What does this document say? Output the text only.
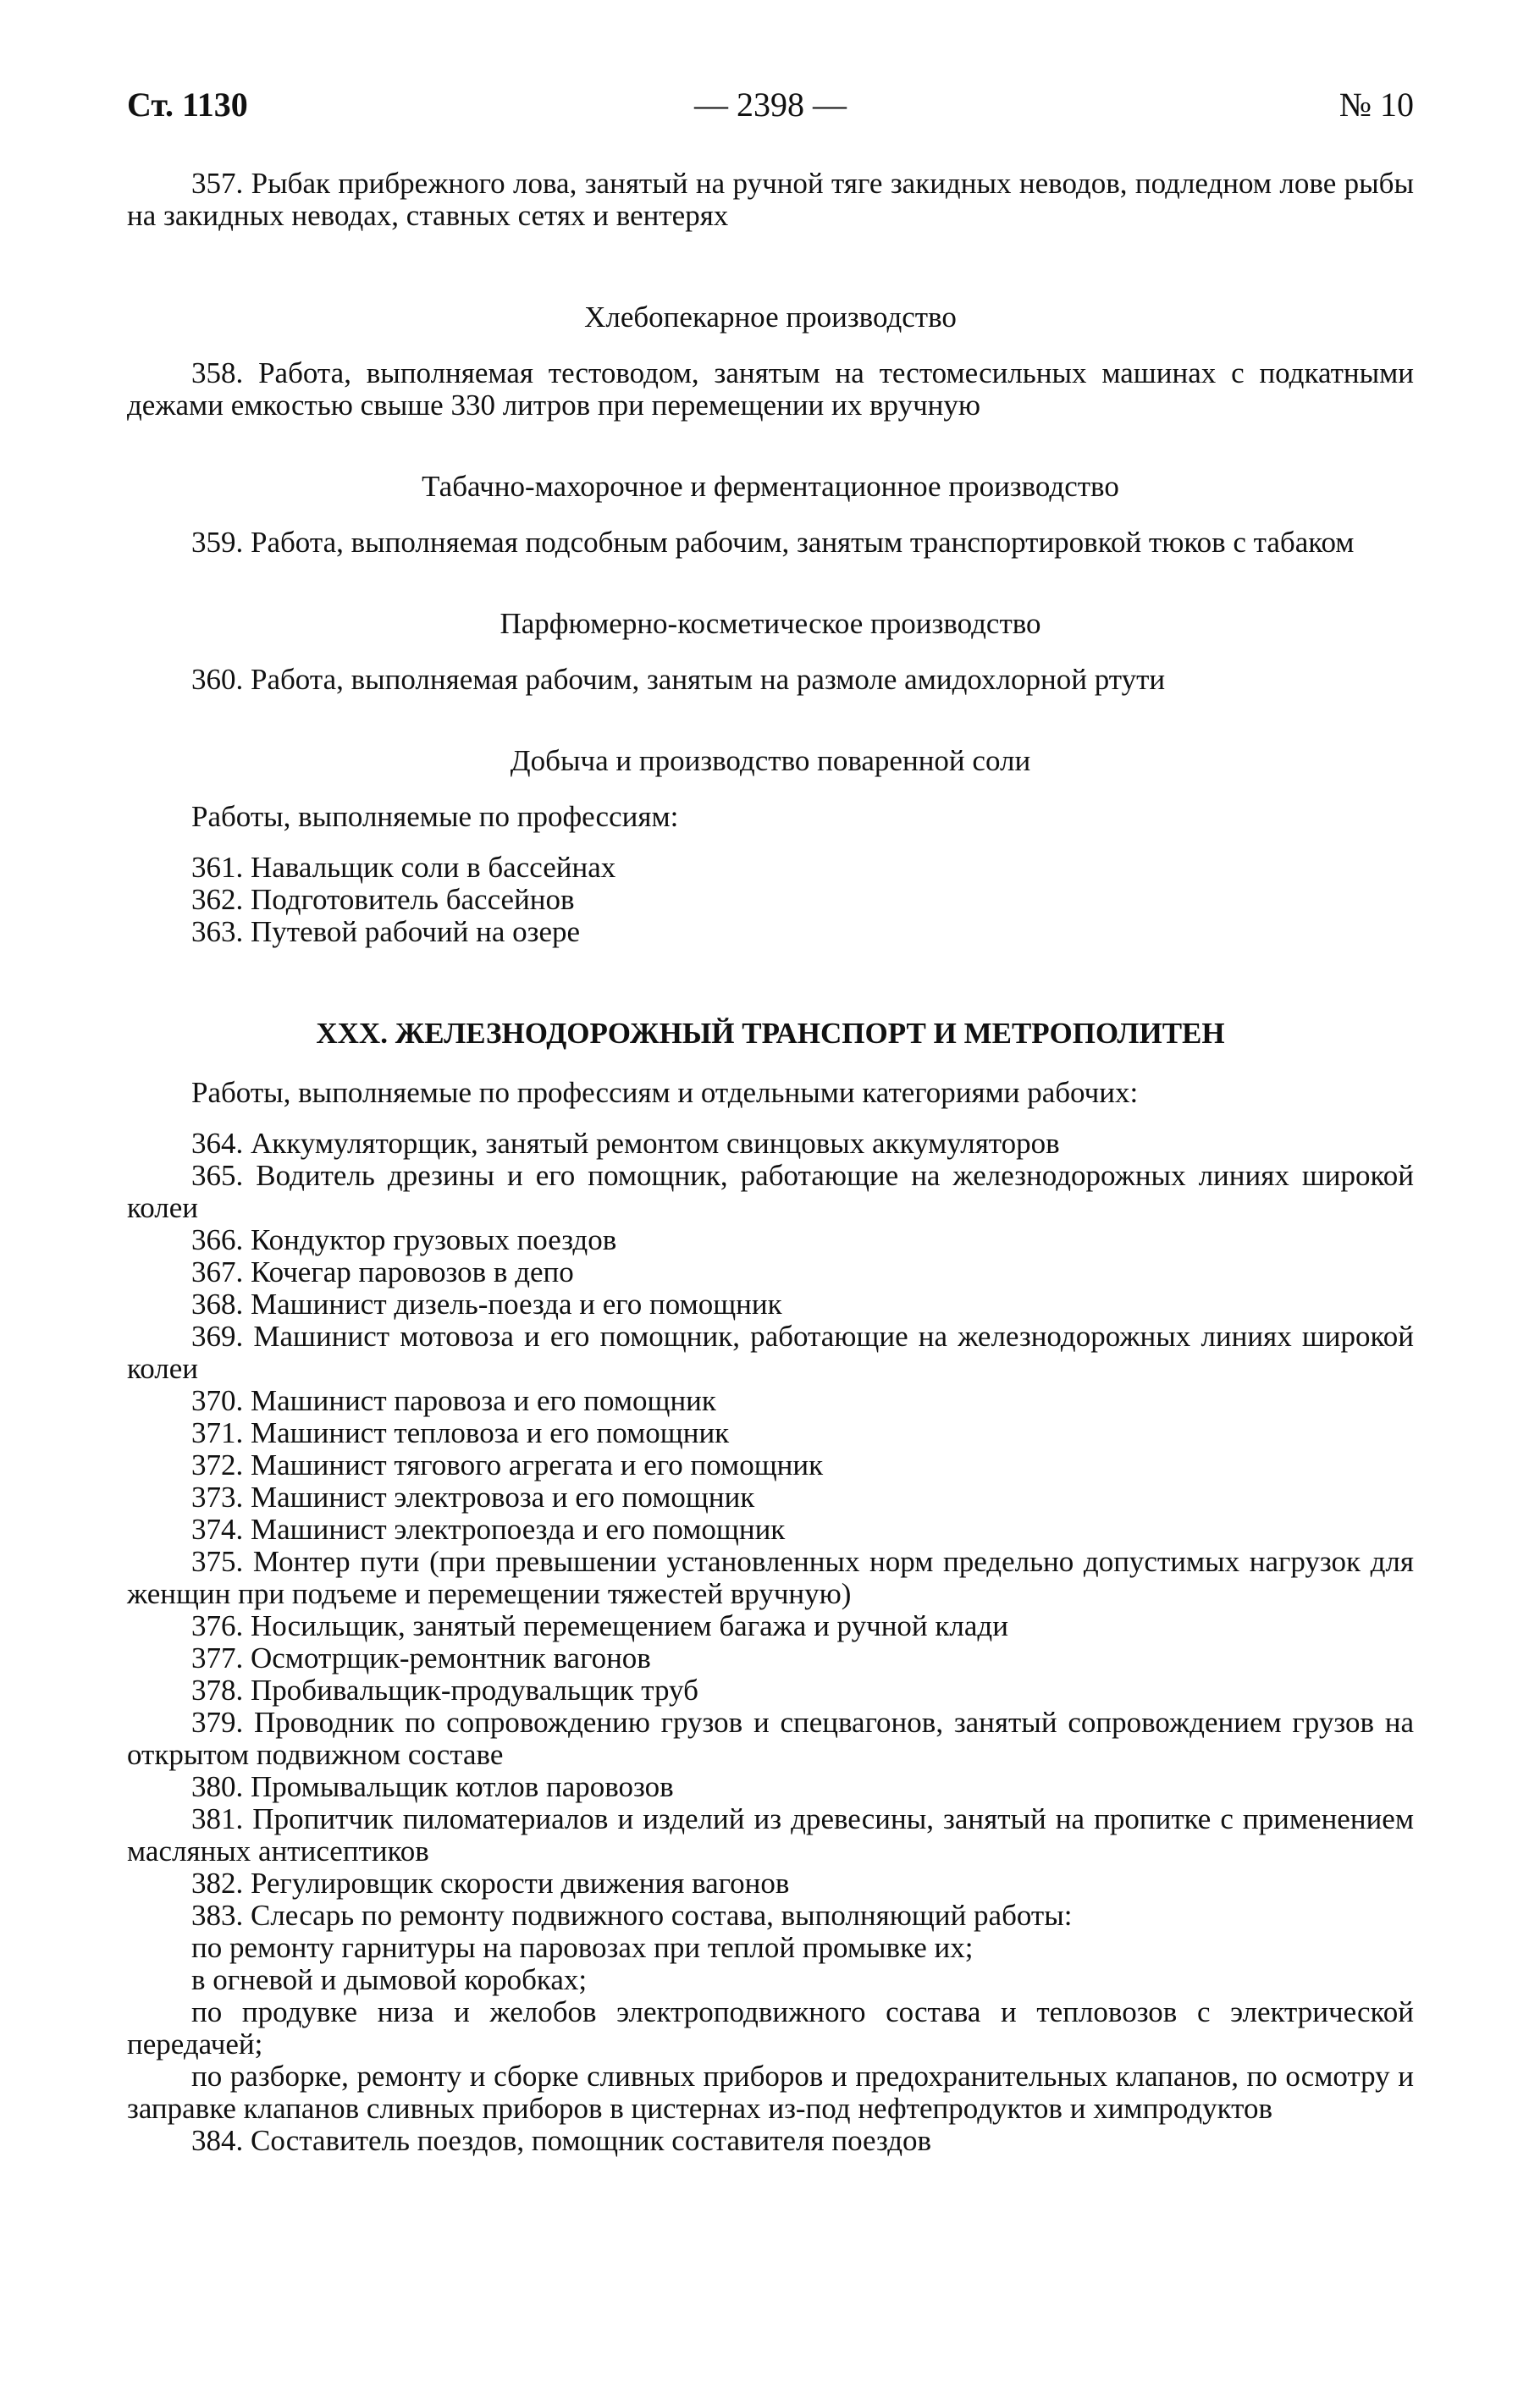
Ст. 1130	— 2398 —	№ 10

357. Рыбак прибрежного лова, занятый на ручной тяге закидных неводов, подледном лове рыбы на закидных неводах, ставных сетях и вентерях

Хлебопекарное производство

358. Работа, выполняемая тестоводом, занятым на тестомесильных машинах с подкатными дежами емкостью свыше 330 литров при перемещении их вручную

Табачно-махорочное и ферментационное производство

359. Работа, выполняемая подсобным рабочим, занятым транспортировкой тюков с табаком

Парфюмерно-косметическое производство

360. Работа, выполняемая рабочим, занятым на размоле амидохлорной ртути

Добыча и производство поваренной соли

Работы, выполняемые по профессиям:

361. Навальщик соли в бассейнах

362. Подготовитель бассейнов

363. Путевой рабочий на озере

XXX. ЖЕЛЕЗНОДОРОЖНЫЙ ТРАНСПОРТ И МЕТРОПОЛИТЕН

Работы, выполняемые по профессиям и отдельными категориями рабочих:

364. Аккумуляторщик, занятый ремонтом свинцовых аккумуляторов

365. Водитель дрезины и его помощник, работающие на железнодорожных линиях широкой колеи

366. Кондуктор грузовых поездов

367. Кочегар паровозов в депо

368. Машинист дизель-поезда и его помощник

369. Машинист мотовоза и его помощник, работающие на железнодорожных линиях широкой колеи

370. Машинист паровоза и его помощник

371. Машинист тепловоза и его помощник

372. Машинист тягового агрегата и его помощник

373. Машинист электровоза и его помощник

374. Машинист электропоезда и его помощник

375. Монтер пути (при превышении установленных норм предельно допустимых нагрузок для женщин при подъеме и перемещении тяжестей вручную)

376. Носильщик, занятый перемещением багажа и ручной клади

377. Осмотрщик-ремонтник вагонов

378. Пробивальщик-продувальщик труб

379. Проводник по сопровождению грузов и спецвагонов, занятый сопровождением грузов на открытом подвижном составе

380. Промывальщик котлов паровозов

381. Пропитчик пиломатериалов и изделий из древесины, занятый на пропитке с применением масляных антисептиков

382. Регулировщик скорости движения вагонов

383. Слесарь по ремонту подвижного состава, выполняющий работы:

по ремонту гарнитуры на паровозах при теплой промывке их;

в огневой и дымовой коробках;

по продувке низа и желобов электроподвижного состава и тепловозов с электрической передачей;

по разборке, ремонту и сборке сливных приборов и предохранительных клапанов, по осмотру и заправке клапанов сливных приборов в цистернах из-под нефтепродуктов и химпродуктов

384. Составитель поездов, помощник составителя поездов
